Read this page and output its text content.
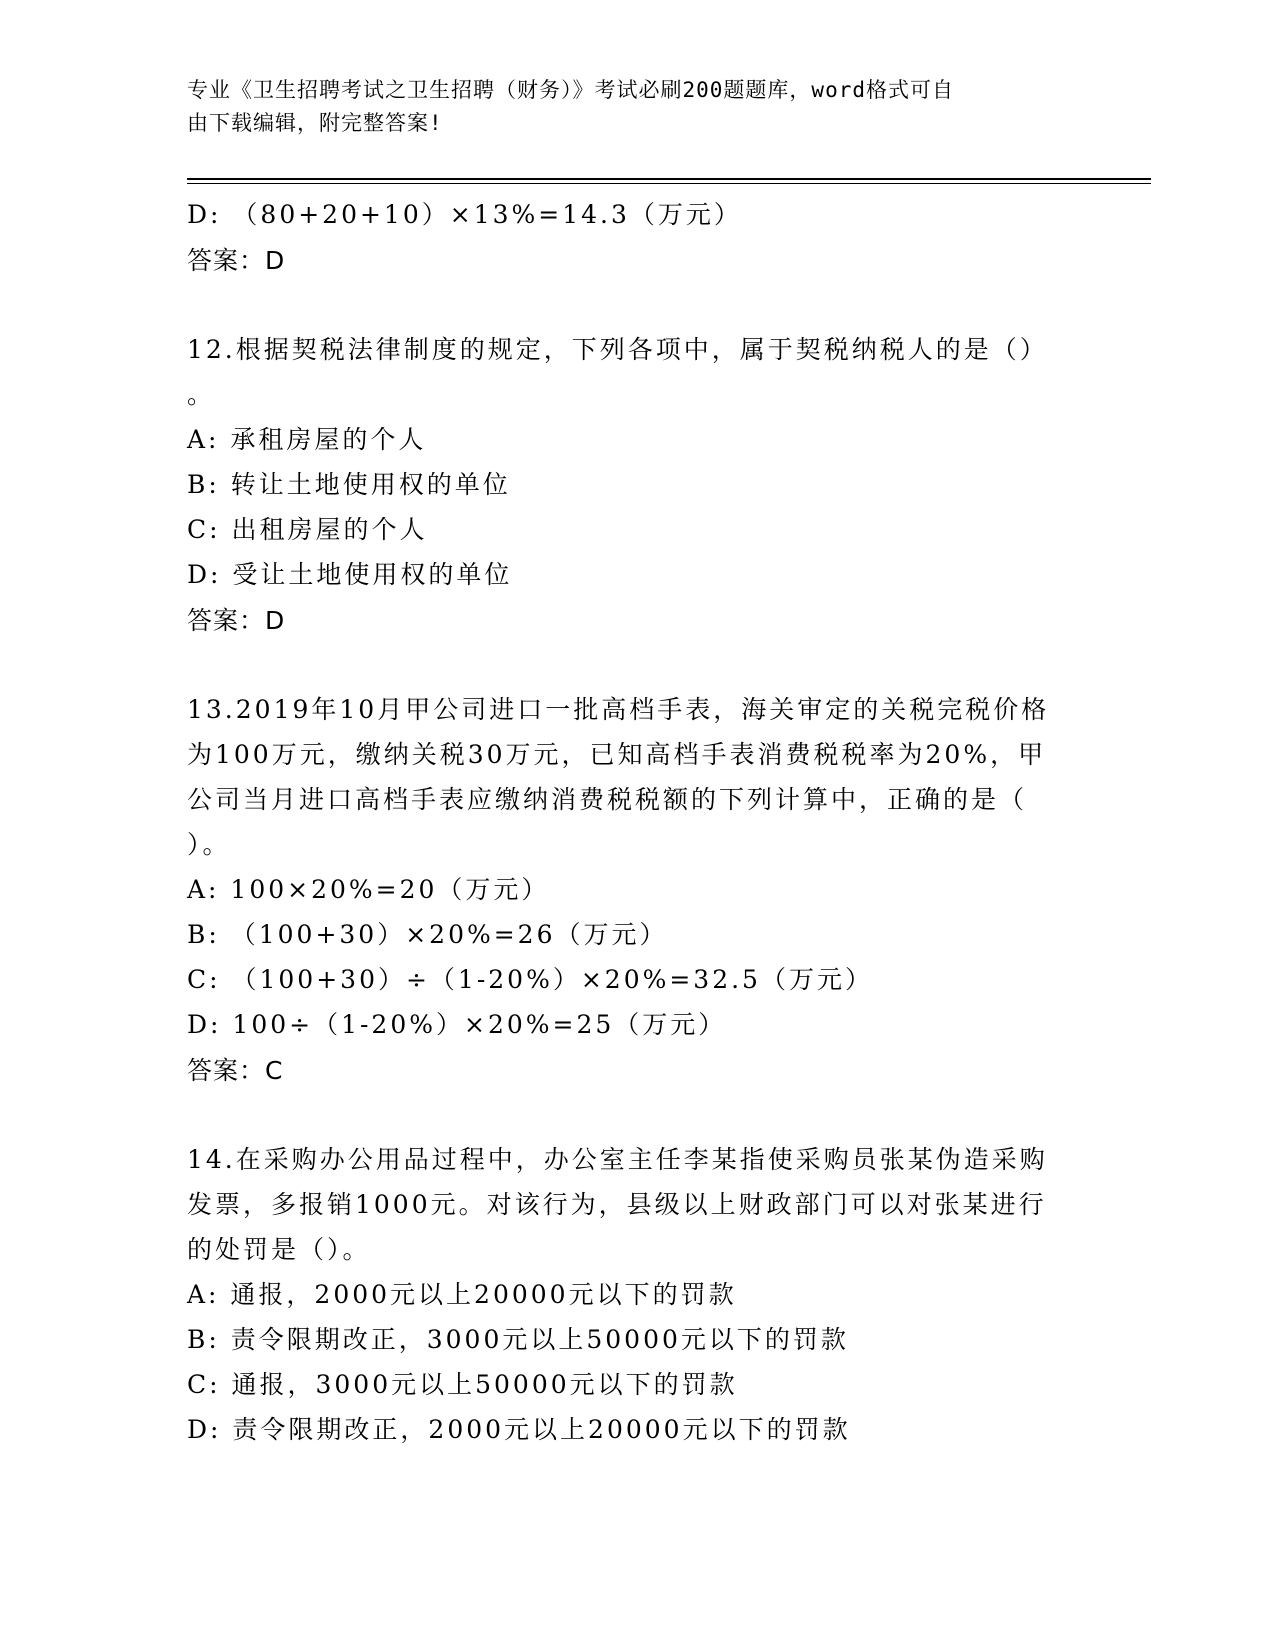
专业《卫生招聘考试之卫生招聘（财务）》考试必刷200题题库，word格式可自
由下载编辑，附完整答案!
D: （80+20+10）×13%=14.3（万元）
答案：D
12.根据契税法律制度的规定，下列各项中，属于契税纳税人的是（）
。
A: 承租房屋的个人
B: 转让土地使用权的单位
C: 出租房屋的个人
D: 受让土地使用权的单位
答案：D
13.2019年10月甲公司进口一批高档手表，海关审定的关税完税价格
为100万元，缴纳关税30万元，已知高档手表消费税税率为20%，甲
公司当月进口高档手表应缴纳消费税税额的下列计算中，正确的是（
）。
A: 100×20%=20（万元）
B: （100+30）×20%=26（万元）
C: （100+30）÷（1-20%）×20%=32.5（万元）
D: 100÷（1-20%）×20%=25（万元）
答案：C
14.在采购办公用品过程中，办公室主任李某指使采购员张某伪造采购
发票，多报销1000元。对该行为，县级以上财政部门可以对张某进行
的处罚是（）。
A: 通报，2000元以上20000元以下的罚款
B: 责令限期改正，3000元以上50000元以下的罚款
C: 通报，3000元以上50000元以下的罚款
D: 责令限期改正，2000元以上20000元以下的罚款
